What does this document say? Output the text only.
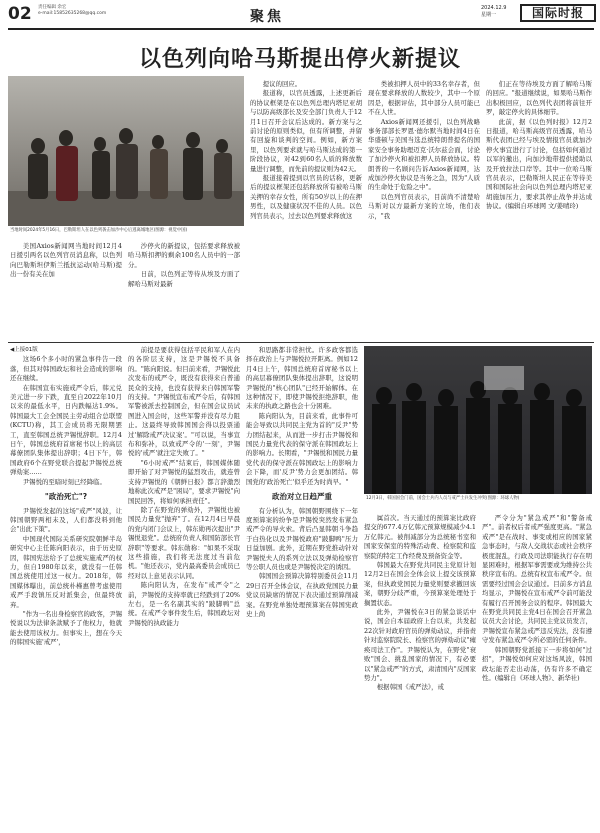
02 责任编辑 余宏
e-mail:15852635268@qq.com	聚焦
2024.12.9
星期一	国际时报
以色列向哈马斯提出停火新提议
当地时间2024年5月16日，巴勒斯坦人在以色列袭击加沙中心后逃离城地区(图源：视觉中国)

美国Axios新闻网当地时间12月4日援引两名以色列官员消息称，以色列向巴勒斯坦伊斯兰抵抗运动(哈马斯)提出一份有关在加

沙停火的新提议，包括要求释放被哈马斯扣押的剩余100名人员中的一部分。

日前，以色列正等待从埃及方面了解哈马斯对最新

提议的回应。

报道称，以官员透露，上述更新后的协议框架是在以色列总理内塔尼亚胡与以防高级部长及安全部门负责人于12月1日召开会议后达成的。新方案与之前讨论的原则类似，但有所调整，并留有回旋和谈判的空间。例如，新方案里，以色列要求就与哈马斯达成的第一阶段协议，对42到60名人质的释放数量进行调整，而先前的提议则为42天。

报道接着提到以官员的话称，更新后的提议框架还包括释放所有被哈马斯关押的幸存女性，所有50岁以上的在押男性，以及健康状况不佳的人员。以色列官员表示，过去以色列要求释放这

类被扣押人员中的33名幸存者，但现在要求释放的人数较少，其中一个原因是，根据评估，其中部分人员可能已不在人世。

Axios新闻网还援引，以色列战略事务部部长罗恩·德尔默当地时间4日在华盛顿与美国当选总统特朗普提名的国家安全事务助理迈克·沃尔兹会面，讨论了加沙停火和被扣押人员释放协议。特朗普的一名顾问告诉Axios新闻网，达成加沙停火协议是当务之急，因为"人质的生命处于危险之中"。

以色列官员表示，目前尚不清楚哈马斯对以方最新方案的立场，他们表示，"我

们正在等待埃及方面了解哈马斯的回应。"报道继续说，如果哈马斯作出积极回应，以色列代表团将前往开罗，敲定停火的具体细节。

此前，据《以色列时报》12月2日报道，哈马斯高级官员透露，哈马斯代表团已经与埃及情报官员就加沙停火事宜进行了讨论，包括如何通过以军的撤出，向加沙地带提供援助以及开放拉法口岸等。其中一位哈马斯官员表示，巴勒斯坦人民正在等待美国和国际社会向以色列总理内塔尼亚胡施加压力，要求其停止战争并达成协议。(编辑自环球网 文/姜晴玲)

◀上接01版

这场6个多小时的紧急事件告一段落，但其对韩国政坛和社会造成的影响还在继续。

在韩国宣布实施戒严令后，韩元兑美元进一步下跌，直至自2022年10月以来的最低水平，日内跌幅达1.9%。韩国最大工会全国民主劳动组合总联盟(KCTU)称，其工会成员将无限期罢工，直至韩国总统尹锡悦辞职。12月4日午，韩国总统府首席秘书以上的高层幕僚团队集体提出辞职；4日下午，韩国政府6个在野党联合提起尹锡悦总统弹劾案……

尹锡悦的至暗时刻已经降临。

"政治死亡"?

尹锡悦发起的这场"戒严"风波，让韩国朝野两相未及，人们都没料到他会"出此下策"。

中国现代国际关系研究院朝鲜半岛研究中心主任陈向阳表示，由于历史原因，韩国宪法给予了总统实施戒严的权力，但自1980年以来，就没有一任韩国总统使用过这一权力。2018年，韩国媒体曝出，前总统朴槿惠曾考虑使用戒严手段镇压反对派集会，但最终放弃。

"作为一名出身检察官的政客，尹锡悦说以为法律条款赋予了他权力，他就能去使用该权力。但事实上，想在今天的韩国实施'戒严'，

前提是要获得包括平民和军人在内的各阶层支持，这是尹锡悦不具备的。"陈向阳说。但目前来看，尹锡悦此次发布的戒严令，既没有获得来自普通民众的支持，也没有获得来自韩国军警的支持。"尹锡悦宣布戒严令后，有韩国军警被派去控制国会，但在国会议员试图进入国会时，这些军警并没有尽力阻止。这最终导致韩国国会得以投票通过'解除戒严决议案'。"可以说，当事宣布和弥补，以致戒严令的'一刻'，尹锡悦的'戒严'就注定失败了。"

"6小时戒严"结束后，韩国媒体随即开始了对尹锡悦的猛烈攻击，就连曾支持尹锡悦的《朝鲜日报》都言辞激烈地称此次戒严是"困局"，要求尹锡悦"向国民回答，将如何承担责任"。

除了在野党的弹劾外，尹锡悦也被国民力量党"抛弃"了。在12月4日早晨的党内闭门会议上，韩东勋再次提出"尹锡悦退党"。总统府负责人和国防部长官辞职"等要求。韩东勋称："如果不采取这些措施，我们将无法度过当前危机。"他还表示，党内最高委员会成员已经对以上意见表示认同。

陈向阳认为，在发布"戒严令"之前，尹锡悦的支持率就已经跌到了20%左右，是一名名副其实的"跛脚鸭"总统。在戒严令事件发生后，韩国政坛对尹锡悦的执政能力

和思路都非常担忧。许多政客都选择在政治上与尹锡悦拉开距离。例如12月4日上午，韩国总统府首席秘书以上的高层幕僚团队集体提出辞职，这说明尹锡悦的"核心团队"已经开始解体。在这种情况下，即使尹锡悦拒绝辞职，他未来的执政之路也会十分困难。

陈向阳认为，目前来看，此事件可能会导致以共同民主党为首的"反尹"势力团结起来，从而进一步打击尹锡悦和国民力量党代表的保守派在韩国政坛上的影响力。长期看，"尹锡悦和国民力量党代表的保守派在韩国政坛上的影响力会下降，而'反尹'势力会更加团结。韩国党的'政治死亡'似乎还为时尚早。"

政治对立日趋严重

有分析认为，韩国朝野围绕下一年度预算案的纷争是尹锡悦突然发布紧急戒严令的导火索。背后凸显韩朝斗争趋于白热化以及尹锡悦政府"跛脚鸭"压力日益加剧。此外，近期在野党推动针对尹锡悦夫人的系列立法以及弹劾检察官等公职人员也或是尹锡悦决定的诱因。

韩国国会预算决算特别委员会11月29日召开全体会议，在执政党国民力量党议员缺席的情况下表决通过预算削减案。在野党单独处理预算案在韩国宪政史上尚

12月3日，韩国国会门前，国会士兵内人员与戒严士兵发生冲突(图源：环球人物)

属首次。当天通过的预算案比政府提交的677.4万亿韩元预算规模减少4.1万亿韩元。被削减部分为总统秘书室和国家安保室的特殊活动费、检察院和监察院的特定工作经费及预备资金等。

韩国最大在野党共同民主党原计划12月2日在国会全体会议上提交该预算案，但执政党国民力量党则要求撤回该案，朝野分歧严重，今预算案处理处于搁置状态。

此外，尹锡悦在3日的紧急谈话中说，国会自本届政府上台以来，共发起22次针对政府官员的弹劾动议，并指责针对监察院院长、检察官的弹劾动议"瘫痪司法工作"。尹锡悦认为，在野党"衰败"国会、挑乱国家的情况下，有必要以"紧急戒严"的方式，肃清国内"反国家势力"。

根据韩国《戒严法》，戒

严令分为"紧急戒严"和"警备戒严"。前者权后者戒严强度更高。"紧急戒严"是在战时、事变或相应的国家紧急事态时，与敌人交战状态或社会秩序极度混乱，行政及司法职能执行存在明显困难时，根据军事需要或为维持公共秩序宣布的。总统有权宣布戒严令。但需要经过国会会议通过。目前多方消息均显示，尹锡悦在宣布戒严令前可能没有履行召开国务会议的程序。韩国最大在野党共同民主党4日在国会召开紧急议员大会讨论，共同民主党议员发言，尹锡悦宣布紧急戒严违反宪法，没有遵守发布紧急戒严令所必需的任何条件。

韩国朝野党派接下一步将如何"过招"，尹锡悦如何应对这场风波，韩国政坛能否走出动荡，仍有许多不确定性。(编辑自《环球人物》、新华社)
